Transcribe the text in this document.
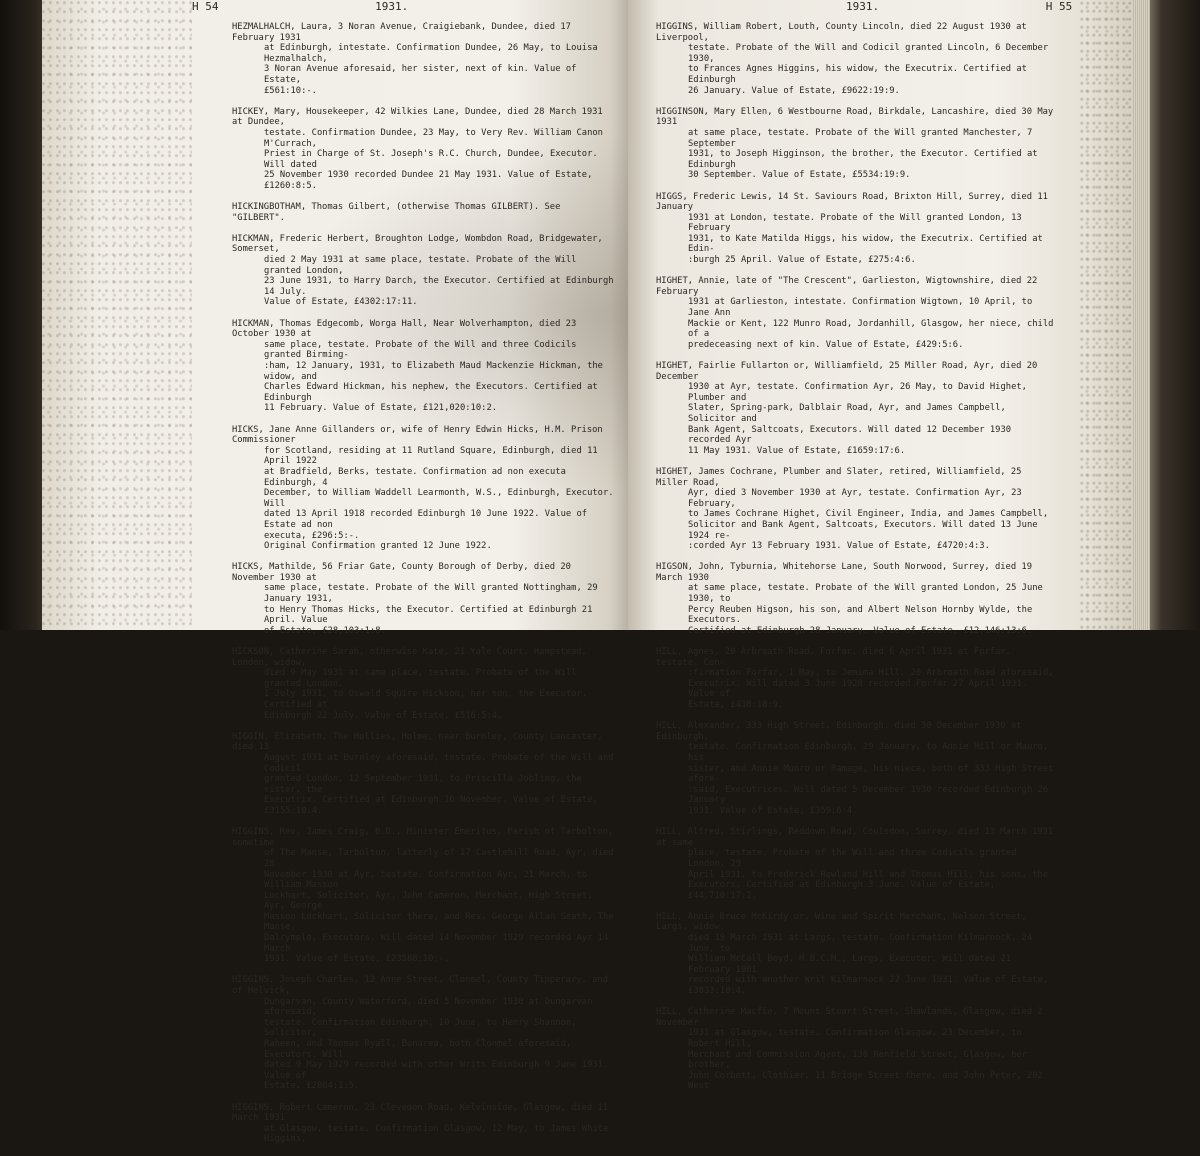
H 54	1931.

HEZMALHALCH, Laura, 3 Noran Avenue, Craigiebank, Dundee, died 17 February 1931

at Edinburgh, intestate. Confirmation Dundee, 26 May, to Louisa Hezmalhalch,

3 Noran Avenue aforesaid, her sister, next of kin. Value of Estate,

£561:10:-.

HICKEY, Mary, Housekeeper, 42 Wilkies Lane, Dundee, died 28 March 1931 at Dundee,

testate. Confirmation Dundee, 23 May, to Very Rev. William Canon M'Currach,

Priest in Charge of St. Joseph's R.C. Church, Dundee, Executor. Will dated

25 November 1930 recorded Dundee 21 May 1931. Value of Estate, £1260:8:5.

HICKINGBOTHAM, Thomas Gilbert, (otherwise Thomas GILBERT). See "GILBERT".

HICKMAN, Frederic Herbert, Broughton Lodge, Wombdon Road, Bridgewater, Somerset,

died 2 May 1931 at same place, testate. Probate of the Will granted London,

23 June 1931, to Harry Darch, the Executor. Certified at Edinburgh 14 July.

Value of Estate, £4302:17:11.

HICKMAN, Thomas Edgecomb, Worga Hall, Near Wolverhampton, died 23 October 1930 at

same place, testate. Probate of the Will and three Codicils granted Birming-

:ham, 12 January, 1931, to Elizabeth Maud Mackenzie Hickman, the widow, and

Charles Edward Hickman, his nephew, the Executors. Certified at Edinburgh

11 February. Value of Estate, £121,020:10:2.

HICKS, Jane Anne Gillanders or, wife of Henry Edwin Hicks, H.M. Prison Commissioner

for Scotland, residing at 11 Rutland Square, Edinburgh, died 11 April 1922

at Bradfield, Berks, testate. Confirmation ad non executa Edinburgh, 4

December, to William Waddell Learmonth, W.S., Edinburgh, Executor. Will

dated 13 April 1918 recorded Edinburgh 10 June 1922. Value of Estate ad non

executa, £296:5:-.

Original Confirmation granted 12 June 1922.

HICKS, Mathilde, 56 Friar Gate, County Borough of Derby, died 20 November 1930 at

same place, testate. Probate of the Will granted Nottingham, 29 January 1931,

to Henry Thomas Hicks, the Executor. Certified at Edinburgh 21 April. Value

of Estate, £28,103:1:8.

HICKSON, Catherine Sarah, otherwise Kate, 21 Yale Court, Hampstead, London, widow,

died 9 May 1931 at same place, testate. Probate of the Will granted London,

1 July 1931, to Oswald Squire Hickson, her son, the Executor. Certified at

Edinburgh 22 July. Value of Estate, £516:5:4.

HIGGIN, Elizabeth, The Hollies, Holme, near Burnley, County Lancaster, died 13

August 1931 at Burnley aforesaid, testate. Probate of the Will and Codicil

granted London, 12 September 1931, to Priscilla Jobling, the sister, the

Executrix. Certified at Edinburgh 16 November. Value of Estate, £3155:10:4.

HIGGINS, Rev. James Craig, B.D., Minister Emeritus, Parish of Tarbolton, sometime

of The Manse, Tarbolton, latterly of 17 Castlehill Road, Ayr, died 28

November 1930 at Ayr, testate. Confirmation Ayr, 21 March, to William Masson

Lockhart, Solicitor, Ayr, John Cameron, Merchant, High Street, Ayr, George

Masson Lockhart, Solicitor there, and Rev. George Allan Seath, The Manse,

Dalrymple, Executors. Will dated 14 November 1929 recorded Ayr 14 March

1931. Value of Estate, £23588:10:-.

HIGGINS, Joseph Charles, 12 Anne Street, Clonmel, County Tipperary, and of Helvick,

Dungarvan, County Waterford, died 5 November 1930 at Dungarvan aforesaid,

testate. Confirmation Edinburgh, 10 June, to Henry Shannon, Solicitor,

Raheen, and Thomas Ryall, Bonarea, both Clonmel aforesaid, Executors. Will

dated 9 May 1929 recorded with other Writs Edinburgh 9 June 1931. Value of

Estate, £2864:1:5.

HIGGINS, Robert Cameron, 23 Clevedon Road, Kelvinside, Glasgow, died 11 March 1931

at Glasgow, testate. Confirmation Glasgow, 12 May, to James White Higgins,

1931.	H 55

HIGGINS, William Robert, Louth, County Lincoln, died 22 August 1930 at Liverpool,

testate. Probate of the Will and Codicil granted Lincoln, 6 December 1930,

to Frances Agnes Higgins, his widow, the Executrix. Certified at Edinburgh

26 January. Value of Estate, £9622:19:9.

HIGGINSON, Mary Ellen, 6 Westbourne Road, Birkdale, Lancashire, died 30 May 1931

at same place, testate. Probate of the Will granted Manchester, 7 September

1931, to Joseph Higginson, the brother, the Executor. Certified at Edinburgh

30 September. Value of Estate, £5534:19:9.

HIGGS, Frederic Lewis, 14 St. Saviours Road, Brixton Hill, Surrey, died 11 January

1931 at London, testate. Probate of the Will granted London, 13 February

1931, to Kate Matilda Higgs, his widow, the Executrix. Certified at Edin-

:burgh 25 April. Value of Estate, £275:4:6.

HIGHET, Annie, late of "The Crescent", Garlieston, Wigtownshire, died 22 February

1931 at Garlieston, intestate. Confirmation Wigtown, 10 April, to Jane Ann

Mackie or Kent, 122 Munro Road, Jordanhill, Glasgow, her niece, child of a

predeceasing next of kin. Value of Estate, £429:5:6.

HIGHET, Fairlie Fullarton or, Williamfield, 25 Miller Road, Ayr, died 20 December

1930 at Ayr, testate. Confirmation Ayr, 26 May, to David Highet, Plumber and

Slater, Spring-park, Dalblair Road, Ayr, and James Campbell, Solicitor and

Bank Agent, Saltcoats, Executors. Will dated 12 December 1930 recorded Ayr

11 May 1931. Value of Estate, £1659:17:6.

HIGHET, James Cochrane, Plumber and Slater, retired, Williamfield, 25 Miller Road,

Ayr, died 3 November 1930 at Ayr, testate. Confirmation Ayr, 23 February,

to James Cochrane Highet, Civil Engineer, India, and James Campbell,

Solicitor and Bank Agent, Saltcoats, Executors. Will dated 13 June 1924 re-

:corded Ayr 13 February 1931. Value of Estate, £4720:4:3.

HIGSON, John, Tyburnia, Whitehorse Lane, South Norwood, Surrey, died 19 March 1930

at same place, testate. Probate of the Will granted London, 25 June 1930, to

Percy Reuben Higson, his son, and Albert Nelson Hornby Wylde, the Executors.

Certified at Edinburgh 28 January. Value of Estate, £12,146:13:6.

HILL, Agnes, 20 Arbroath Road, Forfar, died 6 April 1931 at Forfar, testate. Con-

:firmation Forfar, 1 May, to Jemima Hill, 20 Arbroath Road aforesaid,

Executrix. Will dated 3 June 1928 recorded Forfar 27 April 1931. Value of

Estate, £438:18:9.

HILL, Alexander, 333 High Street, Edinburgh, died 30 December 1930 at Edinburgh,

testate. Confirmation Edinburgh, 29 January, to Annie Hill or Mauro, his

sister, and Annie Munro or Ramage, his niece, both of 333 High Street afore-

:said, Executrices. Will dated 5 December 1930 recorded Edinburgh 26 January

1931. Value of Estate, £359:6:4.

HILL, Alfred, Stirlings, Reddown Road, Coulsdon, Surrey, died 13 March 1931 at same

place, testate. Probate of the Will and three Codicils granted London, 29

April 1931, to Frederick Rowland Hill and Thomas Hill, his sons, the

Executors. Certified at Edinburgh 3 June. Value of Estate, £44,710:17:2.

HILL, Annie Bruce McKirdy or, Wine and Spirit Merchant, Nelson Street, Largs, widow,

died 19 March 1931 at Largs, testate. Confirmation Kilmarnock, 24 June, to

William McCall Boyd, M.B.C.M., Largs, Executor. Will dated 21 February 1901

recorded with another Writ Kilmarnock 22 June 1931. Value of Estate,

£3033:10:4.

HILL, Catherine Macfie, 7 Mount Stuart Street, Shawlands, Glasgow, died 2 November

1931 at Glasgow, testate. Confirmation Glasgow, 23 December, to Robert Hill,

Merchant and Commission Agent, 136 Renfield Street, Glasgow, her brother,

John Corbett, Clothier, 11 Bridge Street there, and John Peter, 202 West
